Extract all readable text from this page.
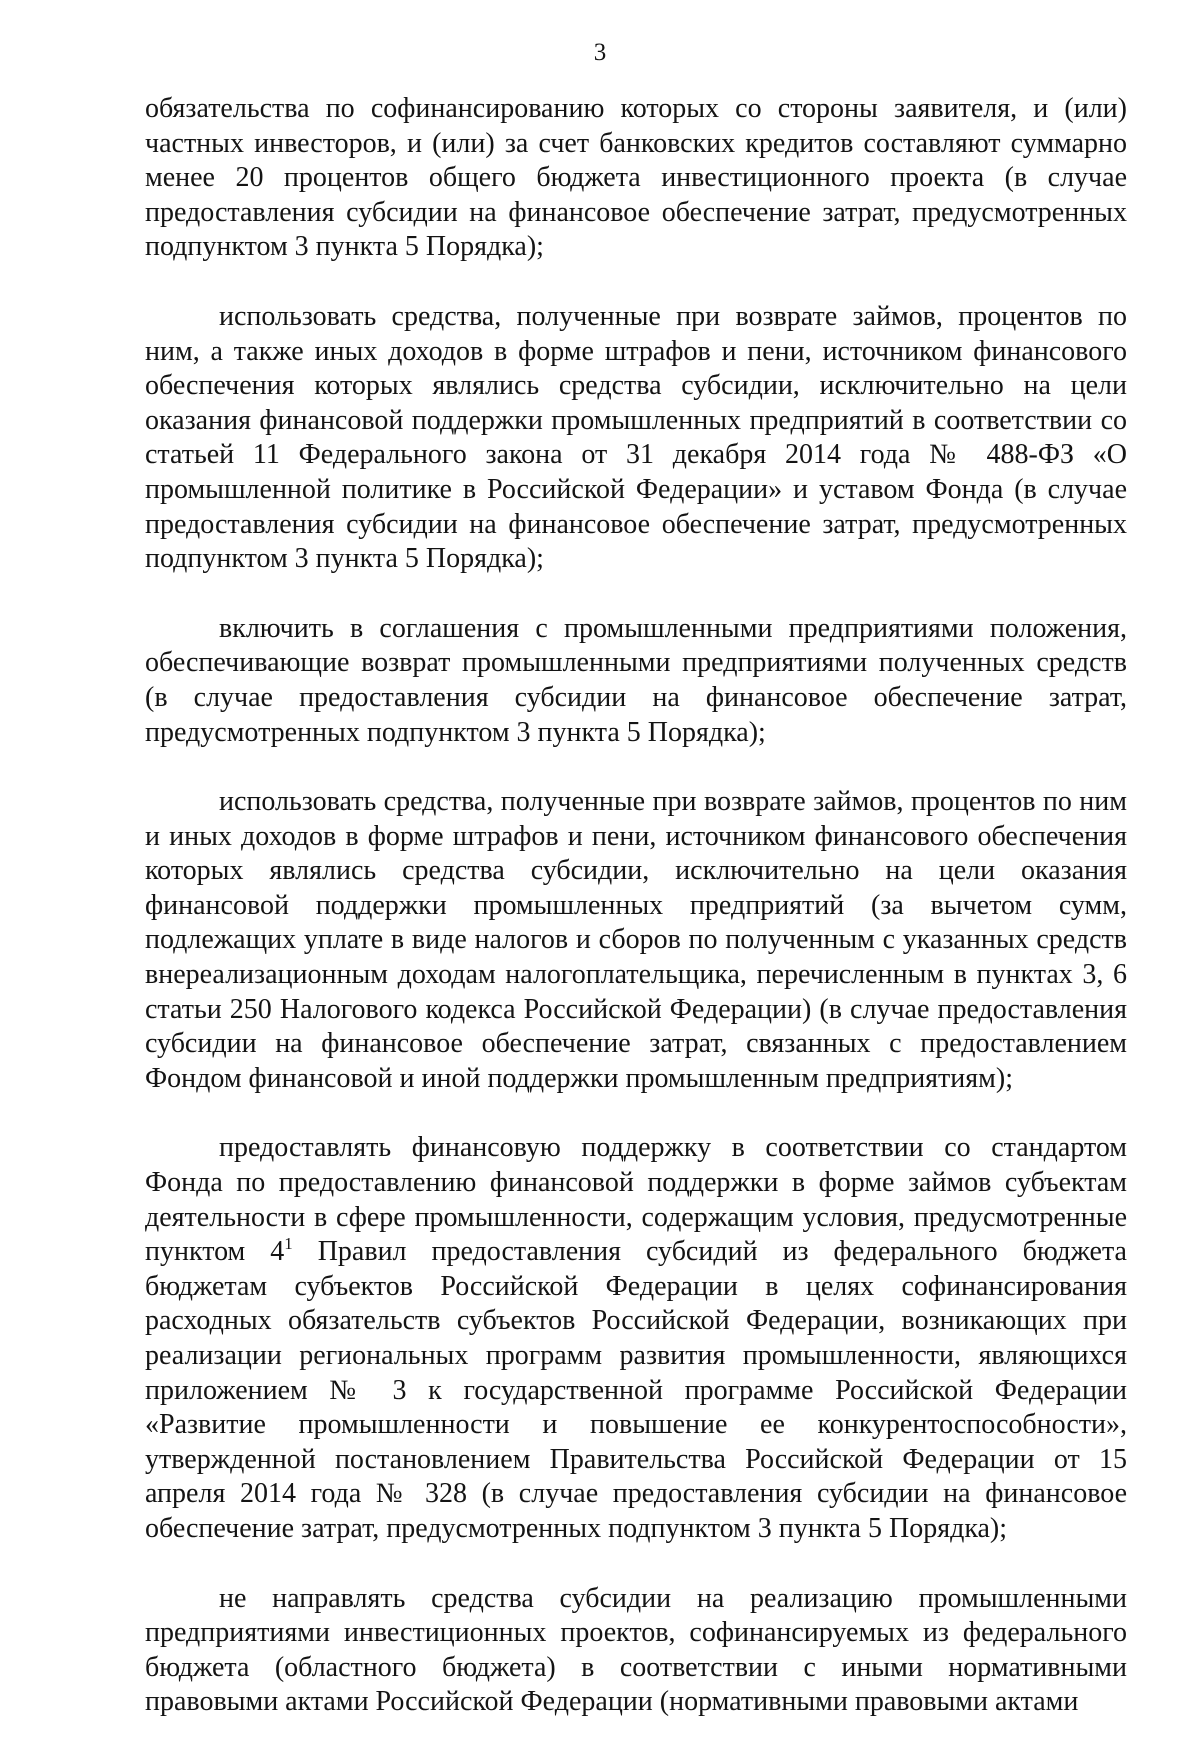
3

обязательства по софинансированию которых со стороны заявителя, и (или) частных инвесторов, и (или) за счет банковских кредитов составляют суммарно менее 20 процентов общего бюджета инвестиционного проекта (в случае предоставления субсидии на финансовое обеспечение затрат, предусмотренных подпунктом 3 пункта 5 Порядка);

использовать средства, полученные при возврате займов, процентов по ним, а также иных доходов в форме штрафов и пени, источником финансового обеспечения которых являлись средства субсидии, исключительно на цели оказания финансовой поддержки промышленных предприятий в соответствии со статьей 11 Федерального закона от 31 декабря 2014 года № 488-ФЗ «О промышленной политике в Российской Федерации» и уставом Фонда (в случае предоставления субсидии на финансовое обеспечение затрат, предусмотренных подпунктом 3 пункта 5 Порядка);

включить в соглашения с промышленными предприятиями положения, обеспечивающие возврат промышленными предприятиями полученных средств (в случае предоставления субсидии на финансовое обеспечение затрат, предусмотренных подпунктом 3 пункта 5 Порядка);

использовать средства, полученные при возврате займов, процентов по ним и иных доходов в форме штрафов и пени, источником финансового обеспечения которых являлись средства субсидии, исключительно на цели оказания финансовой поддержки промышленных предприятий (за вычетом сумм, подлежащих уплате в виде налогов и сборов по полученным с указанных средств внереализационным доходам налогоплательщика, перечисленным в пунктах 3, 6 статьи 250 Налогового кодекса Российской Федерации) (в случае предоставления субсидии на финансовое обеспечение затрат, связанных с предоставлением Фондом финансовой и иной поддержки промышленным предприятиям);

предоставлять финансовую поддержку в соответствии со стандартом Фонда по предоставлению финансовой поддержки в форме займов субъектам деятельности в сфере промышленности, содержащим условия, предусмотренные пунктом $4^1$ Правил предоставления субсидий из федерального бюджета бюджетам субъектов Российской Федерации в целях софинансирования расходных обязательств субъектов Российской Федерации, возникающих при реализации региональных программ развития промышленности, являющихся приложением № 3 к государственной программе Российской Федерации «Развитие промышленности и повышение ее конкурентоспособности», утвержденной постановлением Правительства Российской Федерации от 15 апреля 2014 года № 328 (в случае предоставления субсидии на финансовое обеспечение затрат, предусмотренных подпунктом 3 пункта 5 Порядка);

не направлять средства субсидии на реализацию промышленными предприятиями инвестиционных проектов, софинансируемых из федерального бюджета (областного бюджета) в соответствии с иными нормативными правовыми актами Российской Федерации (нормативными правовыми актами
